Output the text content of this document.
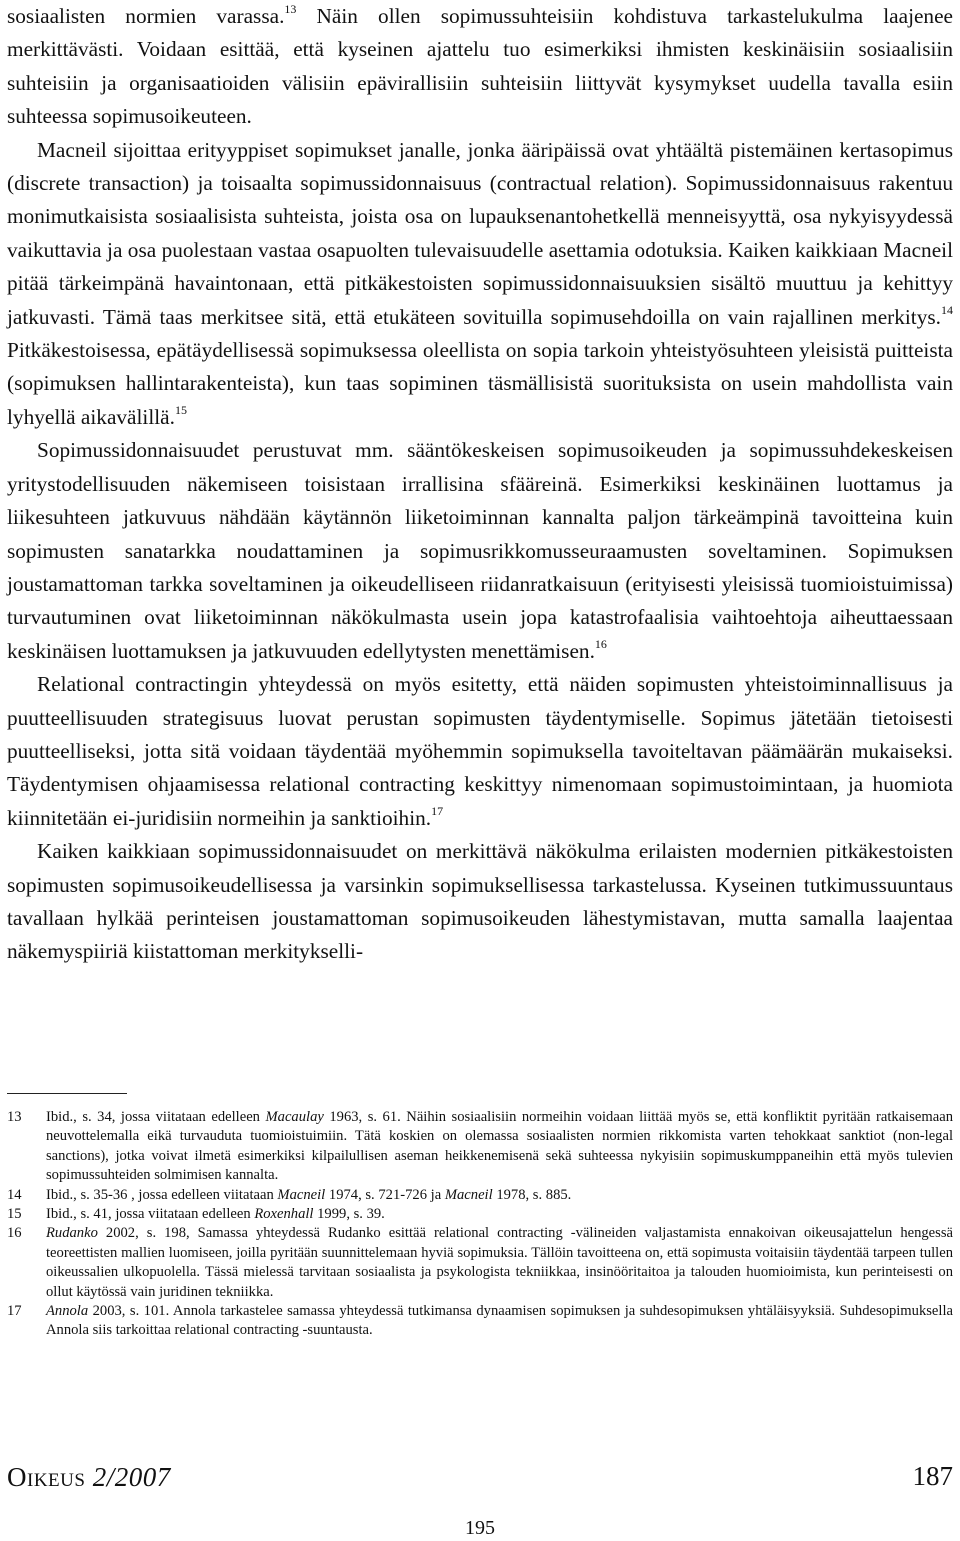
sosiaalisten normien varassa.$^{13}$ Näin ollen sopimussuhteisiin kohdistuva tarkastelukulma laajenee merkittävästi. Voidaan esittää, että kyseinen ajattelu tuo esimerkiksi ihmisten keskinäisiin sosiaalisiin suhteisiin ja organisaatioiden välisiin epävirallisiin suhteisiin liittyvät kysymykset uudella tavalla esiin suhteessa sopimusoikeuteen.

Macneil sijoittaa erityyppiset sopimukset janalle, jonka ääripäissä ovat yhtäältä pistemäinen kertasopimus (discrete transaction) ja toisaalta sopimussidonnaisuus (contractual relation). Sopimussidonnaisuus rakentuu monimutkaisista sosiaalisista suhteista, joista osa on lupauksenantohetkellä menneisyyttä, osa nykyisyydessä vaikuttavia ja osa puolestaan vastaa osapuolten tulevaisuudelle asettamia odotuksia. Kaiken kaikkiaan Macneil pitää tärkeimpänä havaintonaan, että pitkäkestoisten sopimussidonnaisuuksien sisältö muuttuu ja kehittyy jatkuvasti. Tämä taas merkitsee sitä, että etukäteen sovituilla sopimusehdoilla on vain rajallinen merkitys.$^{14}$ Pitkäkestoisessa, epätäydellisessä sopimuksessa oleellista on sopia tarkoin yhteistyösuhteen yleisistä puitteista (sopimuksen hallintarakenteista), kun taas sopiminen täsmällisistä suorituksista on usein mahdollista vain lyhyellä aikavälillä.$^{15}$

Sopimussidonnaisuudet perustuvat mm. sääntökeskeisen sopimusoikeuden ja sopimussuhdekeskeisen yritystodellisuuden näkemiseen toisistaan irrallisina sfääreinä. Esimerkiksi keskinäinen luottamus ja liikesuhteen jatkuvuus nähdään käytännön liiketoiminnan kannalta paljon tärkeämpinä tavoitteina kuin sopimusten sanatarkka noudattaminen ja sopimusrikkomusseuraamusten soveltaminen. Sopimuksen joustamattoman tarkka soveltaminen ja oikeudelliseen riidanratkaisuun (erityisesti yleisissä tuomioistuimissa) turvautuminen ovat liiketoiminnan näkökulmasta usein jopa katastrofaalisia vaihtoehtoja aiheuttaessaan keskinäisen luottamuksen ja jatkuvuuden edellytysten menettämisen.$^{16}$

Relational contractingin yhteydessä on myös esitetty, että näiden sopimusten yhteistoiminnallisuus ja puutteellisuuden strategisuus luovat perustan sopimusten täydentymiselle. Sopimus jätetään tietoisesti puutteelliseksi, jotta sitä voidaan täydentää myöhemmin sopimuksella tavoiteltavan päämäärän mukaiseksi. Täydentymisen ohjaamisessa relational contracting keskittyy nimenomaan sopimustoimintaan, ja huomiota kiinnitetään ei-juridisiin normeihin ja sanktioihin.$^{17}$

Kaiken kaikkiaan sopimussidonnaisuudet on merkittävä näkökulma erilaisten modernien pitkäkestoisten sopimusten sopimusoikeudellisessa ja varsinkin sopimuksellisessa tarkastelussa. Kyseinen tutkimussuuntaus tavallaan hylkää perinteisen joustamattoman sopimusoikeuden lähestymistavan, mutta samalla laajentaa näkemyspiiriä kiistattoman merkitykselli-

13	Ibid., s. 34, jossa viitataan edelleen Macaulay 1963, s. 61. Näihin sosiaalisiin normeihin voidaan liittää myös se, että konfliktit pyritään ratkaisemaan neuvottelemalla eikä turvauduta tuomioistuimiin. Tätä koskien on olemassa sosiaalisten normien rikkomista varten tehokkaat sanktiot (non-legal sanctions), jotka voivat ilmetä esimerkiksi kilpailullisen aseman heikkenemisenä sekä suhteessa nykyisiin sopimuskumppaneihin että myös tulevien sopimussuhteiden solmimisen kannalta.
14	Ibid., s. 35-36 , jossa edelleen viitataan Macneil 1974, s. 721-726 ja Macneil 1978, s. 885.
15	Ibid., s. 41, jossa viitataan edelleen Roxenhall 1999, s. 39.
16	Rudanko 2002, s. 198, Samassa yhteydessä Rudanko esittää relational contracting -välineiden valjastamista ennakoivan oikeusajattelun hengessä teoreettisten mallien luomiseen, joilla pyritään suunnittelemaan hyviä sopimuksia. Tällöin tavoitteena on, että sopimusta voitaisiin täydentää tarpeen tullen oikeussalien ulkopuolella. Tässä mielessä tarvitaan sosiaalista ja psykologista tekniikkaa, insinööritaitoa ja talouden huomioimista, kun perinteisesti on ollut käytössä vain juridinen tekniikka.
17	Annola 2003, s. 101. Annola tarkastelee samassa yhteydessä tutkimansa dynaamisen sopimuksen ja suhdesopimuksen yhtäläisyyksiä. Suhdesopimuksella Annola siis tarkoittaa relational contracting -suuntausta.
Oikeus 2/2007	187
195
